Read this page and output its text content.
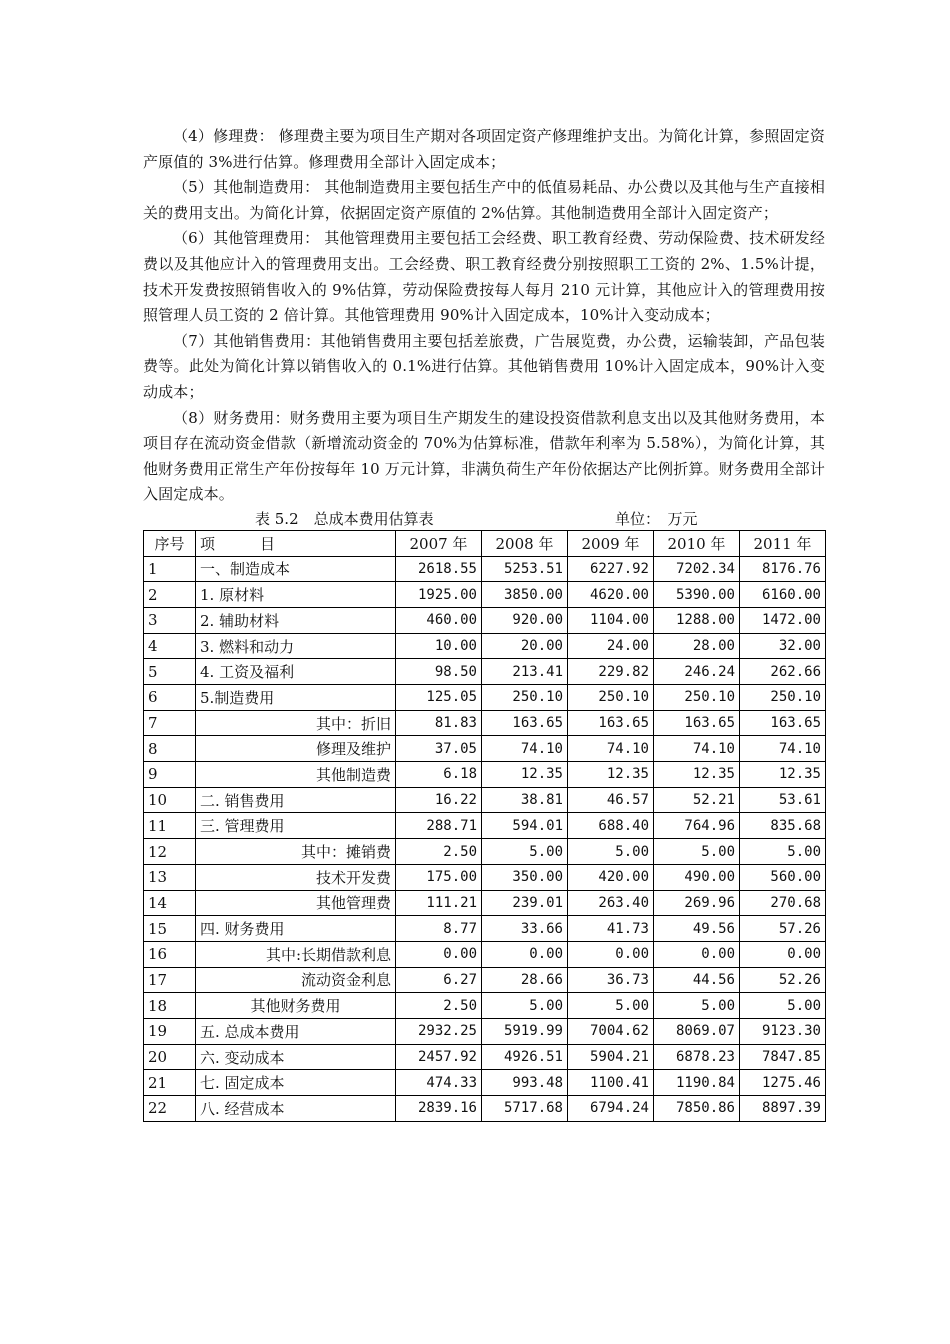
（4）修理费： 修理费主要为项目生产期对各项固定资产修理维护支出。为简化计算，参照固定资产原值的 3%进行估算。修理费用全部计入固定成本；

（5）其他制造费用： 其他制造费用主要包括生产中的低值易耗品、办公费以及其他与生产直接相关的费用支出。为简化计算，依据固定资产原值的 2%估算。其他制造费用全部计入固定资产；

（6）其他管理费用： 其他管理费用主要包括工会经费、职工教育经费、劳动保险费、技术研发经费以及其他应计入的管理费用支出。工会经费、职工教育经费分别按照职工工资的 2%、1.5%计提，技术开发费按照销售收入的 9%估算，劳动保险费按每人每月 210 元计算，其他应计入的管理费用按照管理人员工资的 2 倍计算。其他管理费用 90%计入固定成本，10%计入变动成本；

（7）其他销售费用：其他销售费用主要包括差旅费，广告展览费，办公费，运输装卸，产品包装费等。此处为简化计算以销售收入的 0.1%进行估算。其他销售费用 10%计入固定成本，90%计入变动成本；

（8）财务费用：财务费用主要为项目生产期发生的建设投资借款利息支出以及其他财务费用，本项目存在流动资金借款（新增流动资金的 70%为估算标准，借款年利率为 5.58%），为简化计算，其他财务费用正常生产年份按每年 10 万元计算，非满负荷生产年份依据达产比例折算。财务费用全部计入固定成本。

表 5.2　总成本费用估算表	单位：　万元
序号	项　　　目	2007 年	2008 年	2009 年	2010 年	2011 年
1	一、制造成本	2618.55	5253.51	6227.92	7202.34	8176.76
2	1. 原材料	1925.00	3850.00	4620.00	5390.00	6160.00
3	2. 辅助材料	460.00	920.00	1104.00	1288.00	1472.00
4	3. 燃料和动力	10.00	20.00	24.00	28.00	32.00
5	4. 工资及福利	98.50	213.41	229.82	246.24	262.66
6	5.制造费用	125.05	250.10	250.10	250.10	250.10
7	其中：折旧	81.83	163.65	163.65	163.65	163.65
8	修理及维护	37.05	74.10	74.10	74.10	74.10
9	其他制造费	6.18	12.35	12.35	12.35	12.35
10	二. 销售费用	16.22	38.81	46.57	52.21	53.61
11	三. 管理费用	288.71	594.01	688.40	764.96	835.68
12	其中：摊销费	2.50	5.00	5.00	5.00	5.00
13	技术开发费	175.00	350.00	420.00	490.00	560.00
14	其他管理费	111.21	239.01	263.40	269.96	270.68
15	四. 财务费用	8.77	33.66	41.73	49.56	57.26
16	其中:长期借款利息	0.00	0.00	0.00	0.00	0.00
17	流动资金利息	6.27	28.66	36.73	44.56	52.26
18	其他财务费用	2.50	5.00	5.00	5.00	5.00
19	五. 总成本费用	2932.25	5919.99	7004.62	8069.07	9123.30
20	六. 变动成本	2457.92	4926.51	5904.21	6878.23	7847.85
21	七. 固定成本	474.33	993.48	1100.41	1190.84	1275.46
22	八. 经营成本	2839.16	5717.68	6794.24	7850.86	8897.39
